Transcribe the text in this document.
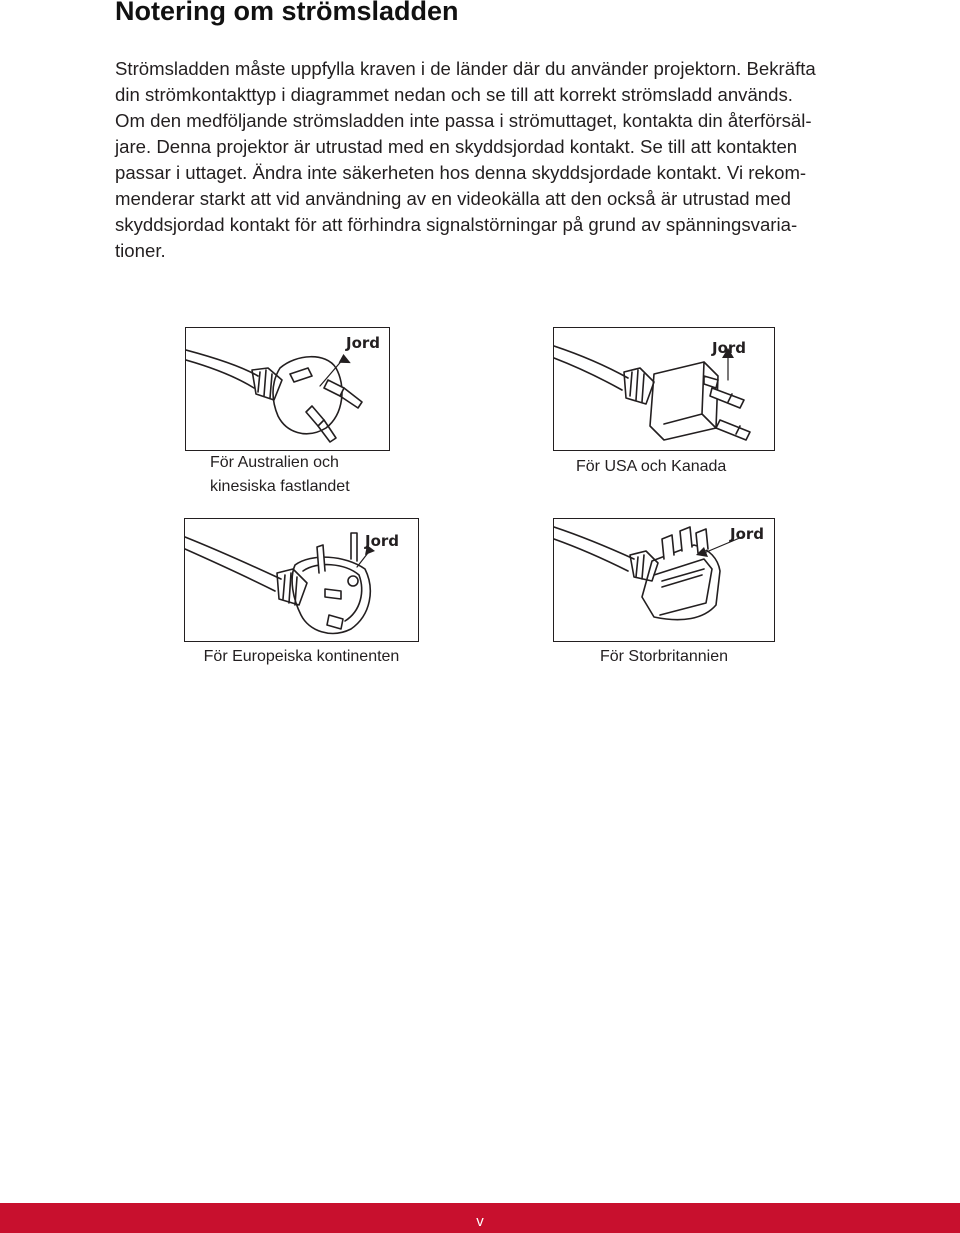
Notering om strömsladden
Strömsladden måste uppfylla kraven i de länder där du använder projektorn. Bekräfta
din strömkontakttyp i diagrammet nedan och se till att korrekt strömsladd används.
Om den medföljande strömsladden inte passa i strömuttaget, kontakta din återförsäl-
jare. Denna projektor är utrustad med en skyddsjordad kontakt. Se till att kontakten
passar i uttaget. Ändra inte säkerheten hos denna skyddsjordade kontakt. Vi rekom-
menderar starkt att vid användning av en videokälla att den också är utrustad med
skyddsjordad kontakt för att förhindra signalstörningar på grund av spänningsvaria-
tioner.
Jord
För Australien och
kinesiska fastlandet
Jord
För USA och Kanada
Jord
För Europeiska kontinenten
Jord
För Storbritannien
v
